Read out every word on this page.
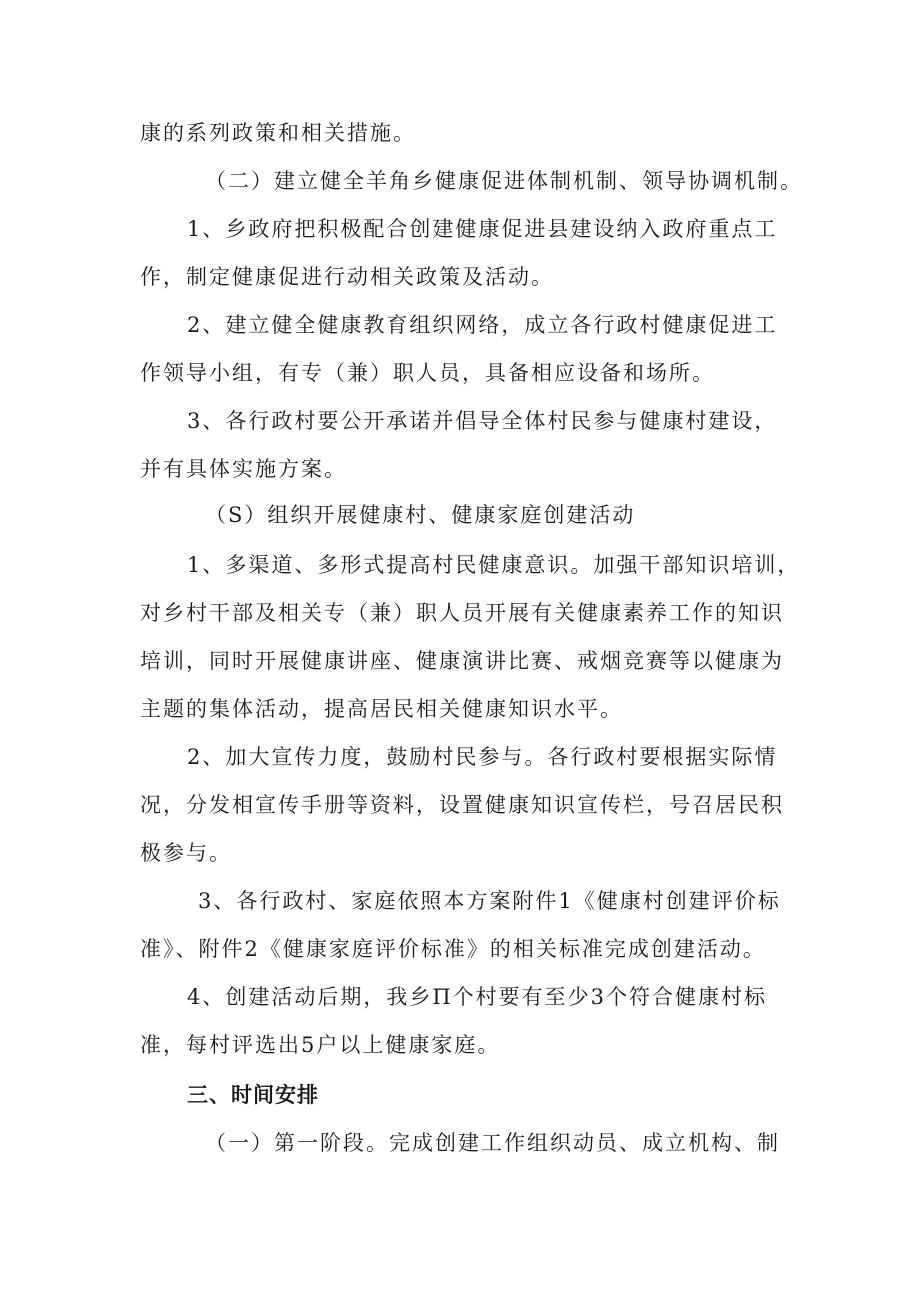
康的系列政策和相关措施。
（二）建立健全羊角乡健康促进体制机制、领导协调机制。
1、乡政府把积极配合创建健康促进县建设纳入政府重点工
作，制定健康促进行动相关政策及活动。
2、建立健全健康教育组织网络，成立各行政村健康促进工
作领导小组，有专（兼）职人员，具备相应设备和场所。
3、各行政村要公开承诺并倡导全体村民参与健康村建设，
并有具体实施方案。
（S）组织开展健康村、健康家庭创建活动
1、多渠道、多形式提高村民健康意识。加强干部知识培训，
对乡村干部及相关专（兼）职人员开展有关健康素养工作的知识
培训，同时开展健康讲座、健康演讲比赛、戒烟竞赛等以健康为
主题的集体活动，提高居民相关健康知识水平。
2、加大宣传力度，鼓励村民参与。各行政村要根据实际情
况，分发相宣传手册等资料，设置健康知识宣传栏，号召居民积
极参与。
3、各行政村、家庭依照本方案附件1《健康村创建评价标
准》、附件2《健康家庭评价标准》的相关标准完成创建活动。
4、创建活动后期，我乡Π个村要有至少3个符合健康村标
准，每村评选出5户以上健康家庭。
三、时间安排
（一）第一阶段。完成创建工作组织动员、成立机构、制
